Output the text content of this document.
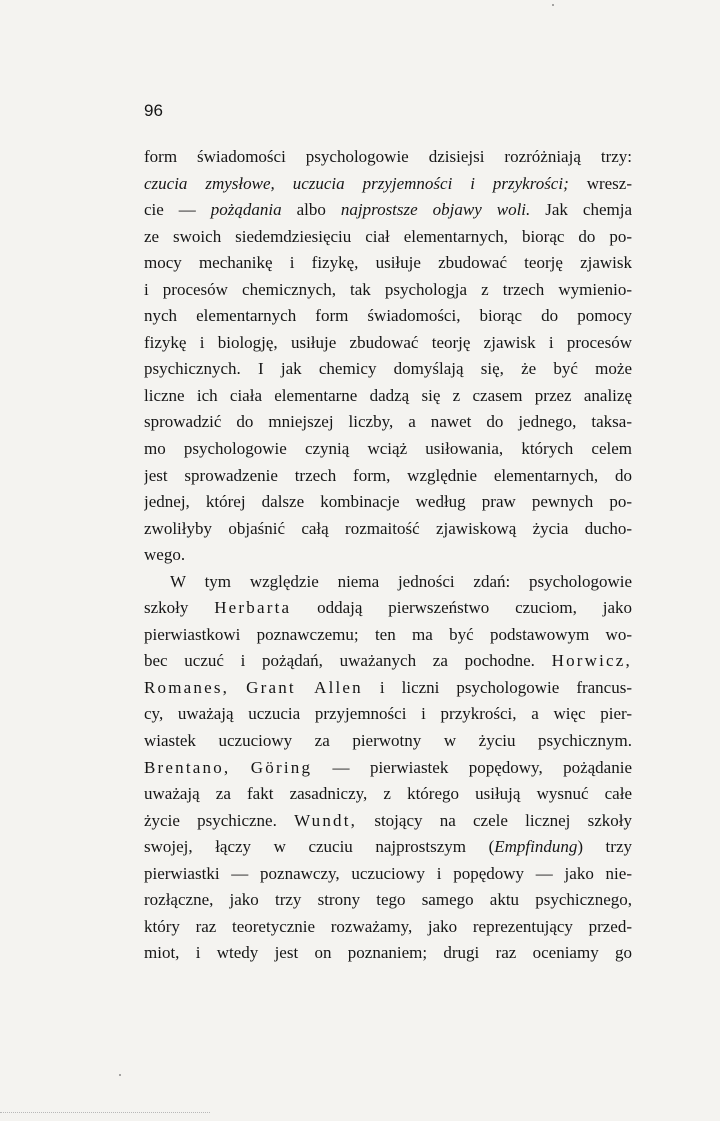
96
form świadomości psychologowie dzisiejsi rozróżniają trzy:
czucia zmysłowe, uczucia przyjemności i przykrości; wresz-
cie — pożądania albo najprostsze objawy woli. Jak chemja
ze swoich siedemdziesięciu ciał elementarnych, biorąc do po-
mocy mechanikę i fizykę, usiłuje zbudować teorję zjawisk
i procesów chemicznych, tak psychologja z trzech wymienio-
nych elementarnych form świadomości, biorąc do pomocy
fizykę i biologję, usiłuje zbudować teorję zjawisk i procesów
psychicznych. I jak chemicy domyślają się, że być może
liczne ich ciała elementarne dadzą się z czasem przez analizę
sprowadzić do mniejszej liczby, a nawet do jednego, taksa-
mo psychologowie czynią wciąż usiłowania, których celem
jest sprowadzenie trzech form, względnie elementarnych, do
jednej, której dalsze kombinacje według praw pewnych po-
zwoliłyby objaśnić całą rozmaitość zjawiskową życia ducho-
wego.
W tym względzie niema jedności zdań: psychologowie
szkoły Herbarta oddają pierwszeństwo czuciom, jako
pierwiastkowi poznawczemu; ten ma być podstawowym wo-
bec uczuć i pożądań, uważanych za pochodne. Horwicz,
Romanes, Grant Allen i liczni psychologowie francus-
cy, uważają uczucia przyjemności i przykrości, a więc pier-
wiastek uczuciowy za pierwotny w życiu psychicznym.
Brentano, Göring — pierwiastek popędowy, pożądanie
uważają za fakt zasadniczy, z którego usiłują wysnuć całe
życie psychiczne. Wundt, stojący na czele licznej szkoły
swojej, łączy w czuciu najprostszym (Empfindung) trzy
pierwiastki — poznawczy, uczuciowy i popędowy — jako nie-
rozłączne, jako trzy strony tego samego aktu psychicznego,
który raz teoretycznie rozważamy, jako reprezentujący przed-
miot, i wtedy jest on poznaniem; drugi raz oceniamy go
